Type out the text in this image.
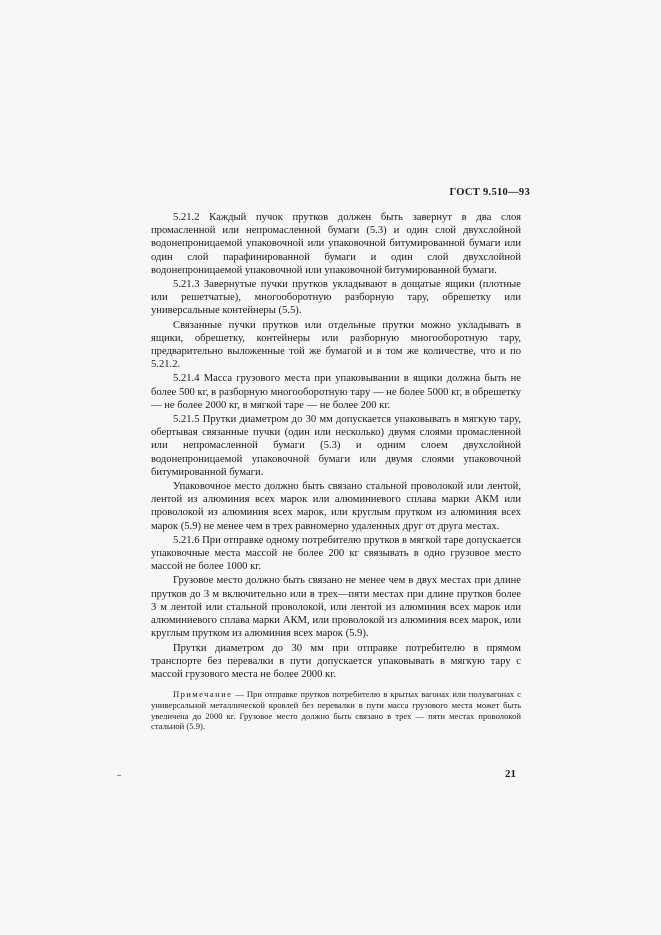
ГОСТ 9.510—93

5.21.2 Каждый пучок прутков должен быть завернут в два слоя промасленной или непромасленной бумаги (5.3) и один слой двухслойной водонепроницаемой упаковочной или упаковочной битумированной бумаги или один слой парафинированной бумаги и один слой двухслойной водонепроницаемой упаковочной или упаковочной битумированной бумаги.

5.21.3 Завернутые пучки прутков укладывают в дощатые ящики (плотные или решетчатые), многооборотную разборную тару, обрешетку или универсальные контейнеры (5.5).

Связанные пучки прутков или отдельные прутки можно укладывать в ящики, обрешетку, контейнеры или разборную многооборотную тару, предварительно выложенные той же бумагой и в том же количестве, что и по 5.21.2.

5.21.4 Масса грузового места при упаковывании в ящики должна быть не более 500 кг, в разборную многооборотную тару — не более 5000 кг, в обрешетку — не более 2000 кг, в мягкой таре — не более 200 кг.

5.21.5 Прутки диаметром до 30 мм допускается упаковывать в мягкую тару, обертывая связанные пучки (один или несколько) двумя слоями промасленной или непромасленной бумаги (5.3) и одним слоем двухслойной водонепроницаемой упаковочной бумаги или двумя слоями упаковочной битумированной бумаги.

Упаковочное место должно быть связано стальной проволокой или лентой, лентой из алюминия всех марок или алюминиевого сплава марки АКМ или проволокой из алюминия всех марок, или круглым прутком из алюминия всех марок (5.9) не менее чем в трех равномерно удаленных друг от друга местах.

5.21.6 При отправке одному потребителю прутков в мягкой таре допускается упаковочные места массой не более 200 кг связывать в одно грузовое место массой не более 1000 кг.

Грузовое место должно быть связано не менее чем в двух местах при длине прутков до 3 м включительно или в трех—пяти местах при длине прутков более 3 м лентой или стальной проволокой, или лентой из алюминия всех марок или алюминиевого сплава марки АКМ, или проволокой из алюминия всех марок, или круглым прутком из алюминия всех марок (5.9).

Прутки диаметром до 30 мм при отправке потребителю в прямом транспорте без перевалки в пути допускается упаковывать в мягкую тару с массой грузового места не более 2000 кг.

Примечание — При отправке прутков потребителю в крытых вагонах или полувагонах с универсальной металлической кровлей без перевалки в пути масса грузового места может быть увеличена до 2000 кг. Грузовое место должно быть связано в трех — пяти местах проволокой стальной (5.9).

21
